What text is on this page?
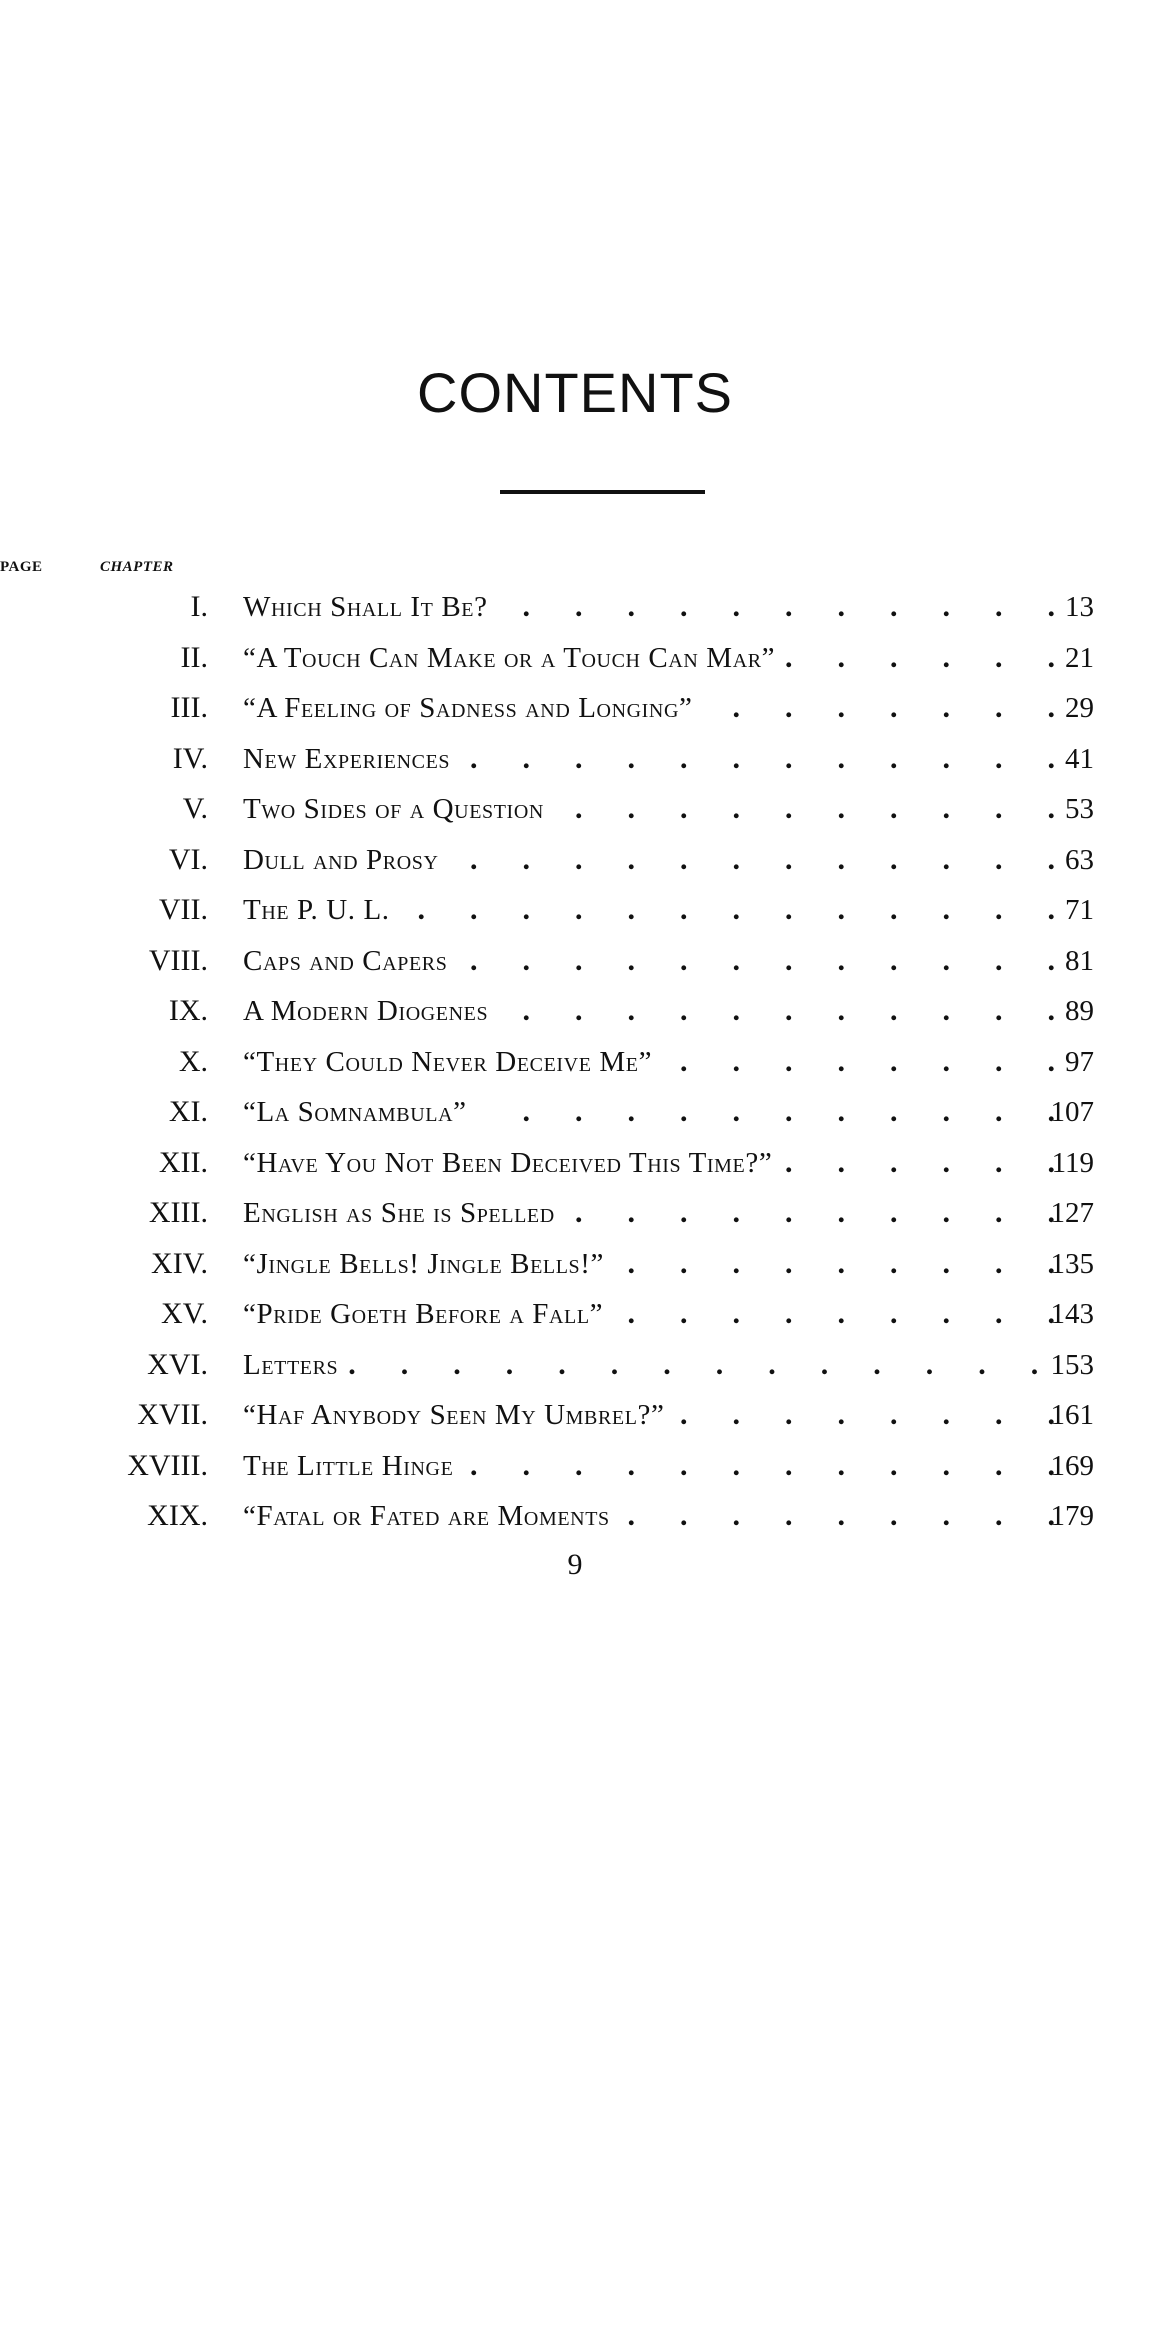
CONTENTS
CHAPTER
PAGE
I. Which Shall It Be? .	13
II. “A Touch Can Make or a Touch Can Mar” .	21
III. “A Feeling of Sadness and Longing” .	29
IV. New Experiences .	41
V. Two Sides of a Question .	53
VI. Dull and Prosy .	63
VII. The P. U. L. .	71
VIII. Caps and Capers .	81
IX. A Modern Diogenes .	89
X. “They Could Never Deceive Me” .	97
XI. “La Somnambula” .	107
XII. “Have You Not Been Deceived This Time?” .	119
XIII. English as She is Spelled .	127
XIV. “Jingle Bells! Jingle Bells!” .	135
XV. “Pride Goeth Before a Fall” .	143
XVI. Letters .	153
XVII. “Haf Anybody Seen My Umbrel?” .	161
XVIII. The Little Hinge .	169
XIX. “Fatal or Fated are Moments .	179
9
